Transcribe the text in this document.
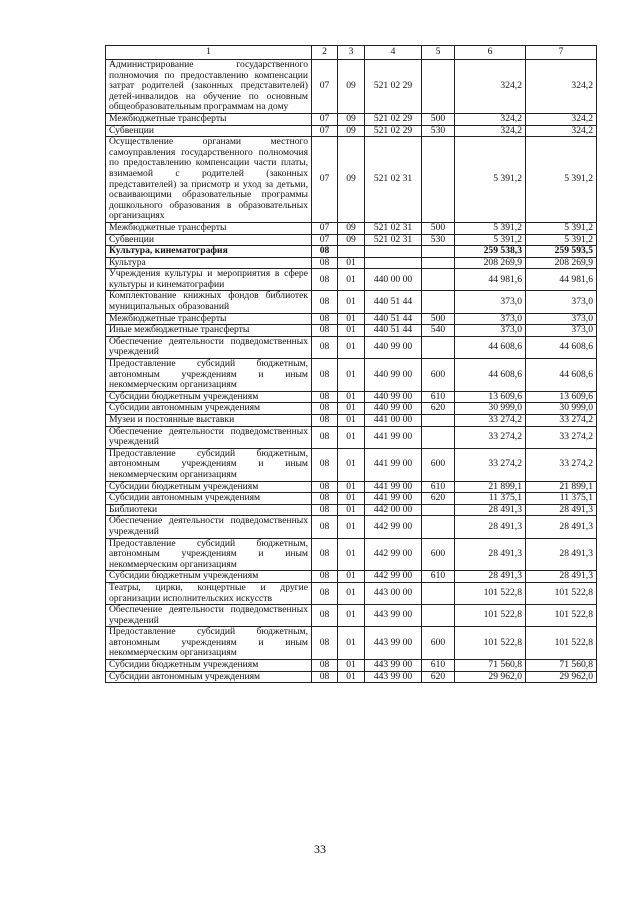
1	2	3	4	5	6	7
Администрирование государственного полномочия по предоставлению компенсации затрат родителей (законных представителей) детей-инвалидов на обучение по основным общеобразовательным программам на дому	07	09	521 02 29		324,2	324,2
Межбюджетные трансферты	07	09	521 02 29	500	324,2	324,2
Субвенции	07	09	521 02 29	530	324,2	324,2
Осуществление органами местного самоуправления государственного полномочия по предоставлению компенсации части платы, взимаемой с родителей (законных представителей) за присмотр и уход за детьми, осваивающими образовательные программы дошкольного образования в образовательных организациях	07	09	521 02 31		5 391,2	5 391,2
Межбюджетные трансферты	07	09	521 02 31	500	5 391,2	5 391,2
Субвенции	07	09	521 02 31	530	5 391,2	5 391,2
Культура, кинематография	08				259 538,3	259 593,5
Культура	08	01			208 269,9	208 269,9
Учреждения культуры и мероприятия в сфере культуры и кинематографии	08	01	440 00 00		44 981,6	44 981,6
Комплектование книжных фондов библиотек муниципальных образований	08	01	440 51 44		373,0	373,0
Межбюджетные трансферты	08	01	440 51 44	500	373,0	373,0
Иные межбюджетные трансферты	08	01	440 51 44	540	373,0	373,0
Обеспечение деятельности подведомственных учреждений	08	01	440 99 00		44 608,6	44 608,6
Предоставление субсидий бюджетным, автономным учреждениям и иным некоммерческим организациям	08	01	440 99 00	600	44 608,6	44 608,6
Субсидии бюджетным учреждениям	08	01	440 99 00	610	13 609,6	13 609,6
Субсидии автономным учреждениям	08	01	440 99 00	620	30 999,0	30 999,0
Музеи и постоянные выставки	08	01	441 00 00		33 274,2	33 274,2
Обеспечение деятельности подведомственных учреждений	08	01	441 99 00		33 274,2	33 274,2
Предоставление субсидий бюджетным, автономным учреждениям и иным некоммерческим организациям	08	01	441 99 00	600	33 274,2	33 274,2
Субсидии бюджетным учреждениям	08	01	441 99 00	610	21 899,1	21 899,1
Субсидии автономным учреждениям	08	01	441 99 00	620	11 375,1	11 375,1
Библиотеки	08	01	442 00 00		28 491,3	28 491,3
Обеспечение деятельности подведомственных учреждений	08	01	442 99 00		28 491,3	28 491,3
Предоставление субсидий бюджетным, автономным учреждениям и иным некоммерческим организациям	08	01	442 99 00	600	28 491,3	28 491,3
Субсидии бюджетным учреждениям	08	01	442 99 00	610	28 491,3	28 491,3
Театры, цирки, концертные и другие организации исполнительских искусств	08	01	443 00 00		101 522,8	101 522,8
Обеспечение деятельности подведомственных учреждений	08	01	443 99 00		101 522,8	101 522,8
Предоставление субсидий бюджетным, автономным учреждениям и иным некоммерческим организациям	08	01	443 99 00	600	101 522,8	101 522,8
Субсидии бюджетным учреждениям	08	01	443 99 00	610	71 560,8	71 560,8
Субсидии автономным учреждениям	08	01	443 99 00	620	29 962,0	29 962,0
33
